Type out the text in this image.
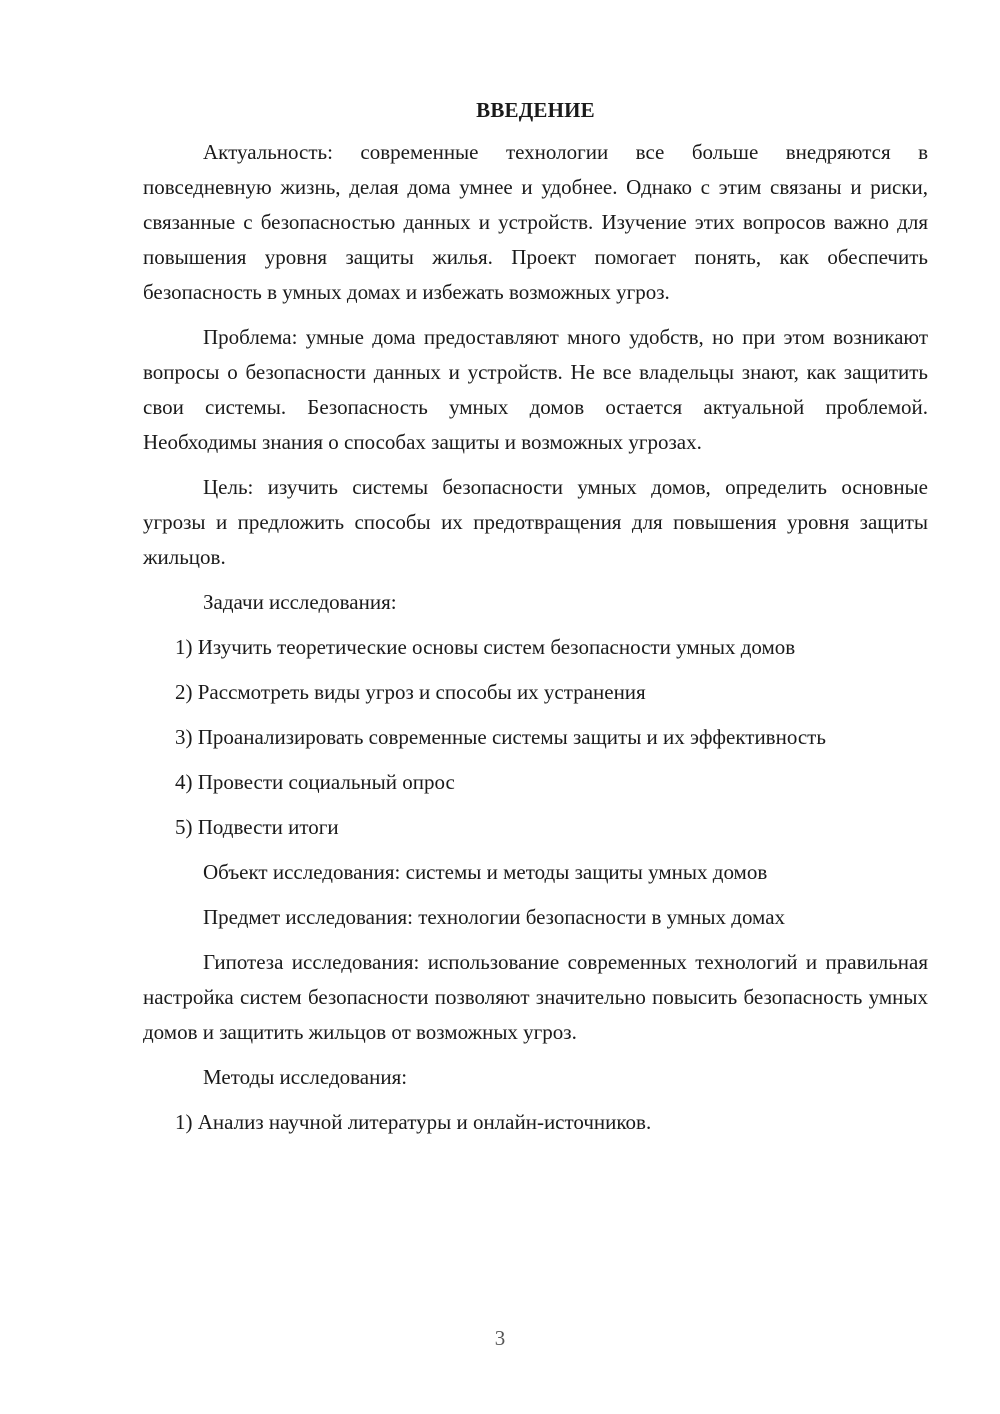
ВВЕДЕНИЕ

Актуальность: современные технологии все больше внедряются в повседневную жизнь, делая дома умнее и удобнее. Однако с этим связаны и риски, связанные с безопасностью данных и устройств. Изучение этих вопросов важно для повышения уровня защиты жилья. Проект помогает понять, как обеспечить безопасность в умных домах и избежать возможных угроз.

Проблема: умные дома предоставляют много удобств, но при этом возникают вопросы о безопасности данных и устройств. Не все владельцы знают, как защитить свои системы. Безопасность умных домов остается актуальной проблемой. Необходимы знания о способах защиты и возможных угрозах.

Цель: изучить системы безопасности умных домов, определить основные угрозы и предложить способы их предотвращения для повышения уровня защиты жильцов.

Задачи исследования:

1) Изучить теоретические основы систем безопасности умных домов

2) Рассмотреть виды угроз и способы их устранения

3) Проанализировать современные системы защиты и их эффективность

4) Провести социальный опрос

5) Подвести итоги

Объект исследования: системы и методы защиты умных домов

Предмет исследования: технологии безопасности в умных домах

Гипотеза исследования: использование современных технологий и правильная настройка систем безопасности позволяют значительно повысить безопасность умных домов и защитить жильцов от возможных угроз.

Методы исследования:

1) Анализ научной литературы и онлайн-источников.

3
